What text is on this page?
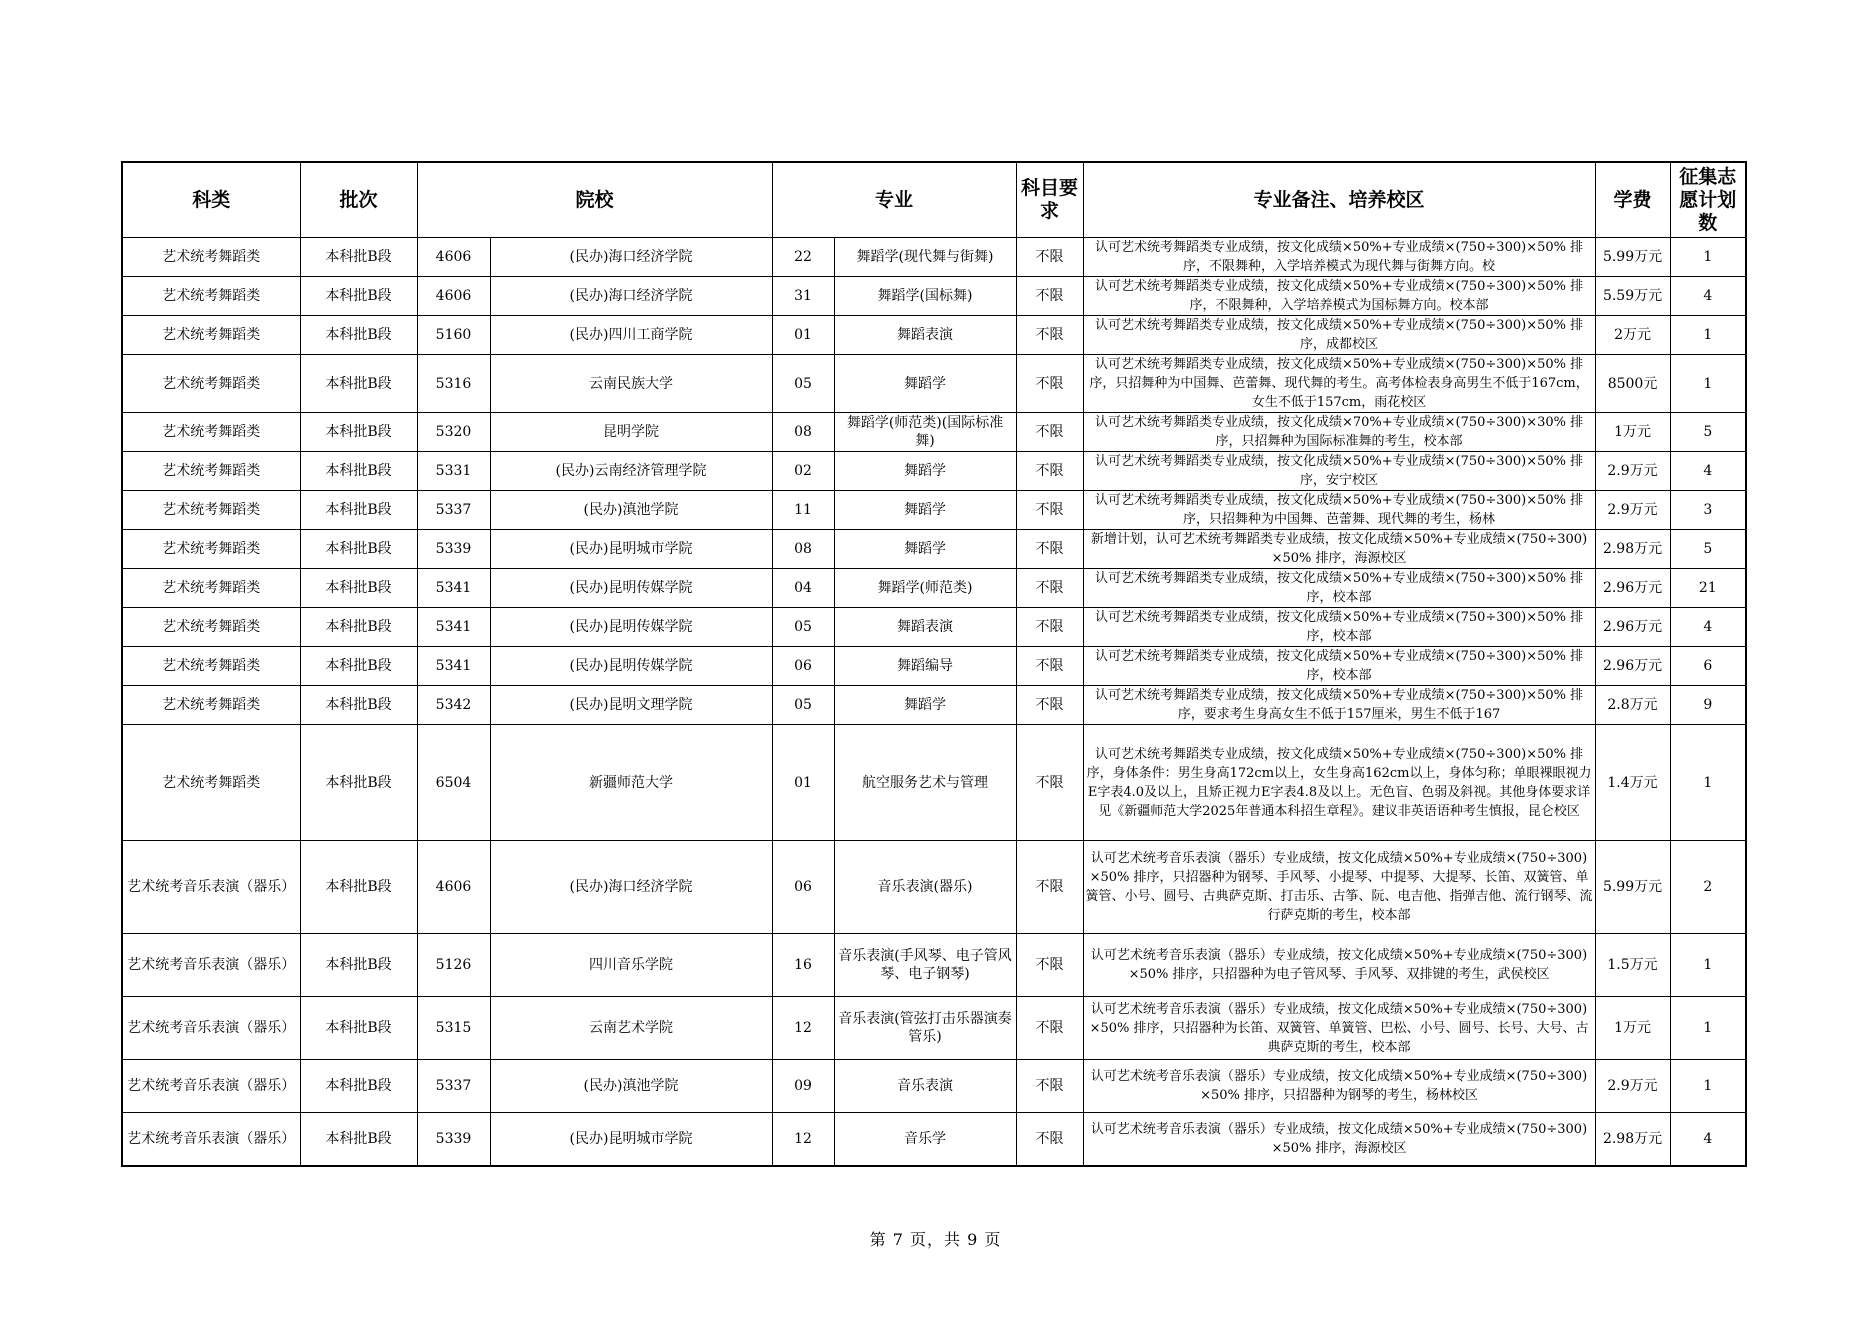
科类	批次	院校		专业		科目要求	专业备注、培养校区	学费	征集志愿计划数
艺术统考舞蹈类	本科批B段	4606	(民办)海口经济学院	22	舞蹈学(现代舞与街舞)	不限	认可艺术统考舞蹈类专业成绩，按文化成绩×50%+专业成绩×(750÷300)×50% 排序，不限舞种，入学培养模式为现代舞与街舞方向。校	5.99万元	1
艺术统考舞蹈类	本科批B段	4606	(民办)海口经济学院	31	舞蹈学(国标舞)	不限	认可艺术统考舞蹈类专业成绩，按文化成绩×50%+专业成绩×(750÷300)×50% 排序，不限舞种，入学培养模式为国标舞方向。校本部	5.59万元	4
艺术统考舞蹈类	本科批B段	5160	(民办)四川工商学院	01	舞蹈表演	不限	认可艺术统考舞蹈类专业成绩，按文化成绩×50%+专业成绩×(750÷300)×50% 排序，成都校区	2万元	1
艺术统考舞蹈类	本科批B段	5316	云南民族大学	05	舞蹈学	不限	认可艺术统考舞蹈类专业成绩，按文化成绩×50%+专业成绩×(750÷300)×50% 排序，只招舞种为中国舞、芭蕾舞、现代舞的考生。高考体检表身高男生不低于167cm，女生不低于157cm，雨花校区	8500元	1
艺术统考舞蹈类	本科批B段	5320	昆明学院	08	舞蹈学(师范类)(国际标准舞)	不限	认可艺术统考舞蹈类专业成绩，按文化成绩×70%+专业成绩×(750÷300)×30% 排序，只招舞种为国际标准舞的考生，校本部	1万元	5
艺术统考舞蹈类	本科批B段	5331	(民办)云南经济管理学院	02	舞蹈学	不限	认可艺术统考舞蹈类专业成绩，按文化成绩×50%+专业成绩×(750÷300)×50% 排序，安宁校区	2.9万元	4
艺术统考舞蹈类	本科批B段	5337	(民办)滇池学院	11	舞蹈学	不限	认可艺术统考舞蹈类专业成绩，按文化成绩×50%+专业成绩×(750÷300)×50% 排序，只招舞种为中国舞、芭蕾舞、现代舞的考生，杨林	2.9万元	3
艺术统考舞蹈类	本科批B段	5339	(民办)昆明城市学院	08	舞蹈学	不限	新增计划，认可艺术统考舞蹈类专业成绩，按文化成绩×50%+专业成绩×(750÷300)×50% 排序，海源校区	2.98万元	5
艺术统考舞蹈类	本科批B段	5341	(民办)昆明传媒学院	04	舞蹈学(师范类)	不限	认可艺术统考舞蹈类专业成绩，按文化成绩×50%+专业成绩×(750÷300)×50% 排序，校本部	2.96万元	21
艺术统考舞蹈类	本科批B段	5341	(民办)昆明传媒学院	05	舞蹈表演	不限	认可艺术统考舞蹈类专业成绩，按文化成绩×50%+专业成绩×(750÷300)×50% 排序，校本部	2.96万元	4
艺术统考舞蹈类	本科批B段	5341	(民办)昆明传媒学院	06	舞蹈编导	不限	认可艺术统考舞蹈类专业成绩，按文化成绩×50%+专业成绩×(750÷300)×50% 排序，校本部	2.96万元	6
艺术统考舞蹈类	本科批B段	5342	(民办)昆明文理学院	05	舞蹈学	不限	认可艺术统考舞蹈类专业成绩，按文化成绩×50%+专业成绩×(750÷300)×50% 排序，要求考生身高女生不低于157厘米，男生不低于167	2.8万元	9
艺术统考舞蹈类	本科批B段	6504	新疆师范大学	01	航空服务艺术与管理	不限	认可艺术统考舞蹈类专业成绩，按文化成绩×50%+专业成绩×(750÷300)×50% 排序，身体条件：男生身高172cm以上，女生身高162cm以上，身体匀称；单眼裸眼视力E字表4.0及以上，且矫正视力E字表4.8及以上。无色盲、色弱及斜视。其他身体要求详见《新疆师范大学2025年普通本科招生章程》。建议非英语语种考生慎报，昆仑校区	1.4万元	1
艺术统考音乐表演（器乐）	本科批B段	4606	(民办)海口经济学院	06	音乐表演(器乐)	不限	认可艺术统考音乐表演（器乐）专业成绩，按文化成绩×50%+专业成绩×(750÷300)×50% 排序，只招器种为钢琴、手风琴、小提琴、中提琴、大提琴、长笛、双簧管、单簧管、小号、圆号、古典萨克斯、打击乐、古筝、阮、电吉他、指弹吉他、流行钢琴、流行萨克斯的考生，校本部	5.99万元	2
艺术统考音乐表演（器乐）	本科批B段	5126	四川音乐学院	16	音乐表演(手风琴、电子管风琴、电子钢琴)	不限	认可艺术统考音乐表演（器乐）专业成绩，按文化成绩×50%+专业成绩×(750÷300)×50% 排序，只招器种为电子管风琴、手风琴、双排键的考生，武侯校区	1.5万元	1
艺术统考音乐表演（器乐）	本科批B段	5315	云南艺术学院	12	音乐表演(管弦打击乐器演奏管乐)	不限	认可艺术统考音乐表演（器乐）专业成绩，按文化成绩×50%+专业成绩×(750÷300)×50% 排序，只招器种为长笛、双簧管、单簧管、巴松、小号、圆号、长号、大号、古典萨克斯的考生，校本部	1万元	1
艺术统考音乐表演（器乐）	本科批B段	5337	(民办)滇池学院	09	音乐表演	不限	认可艺术统考音乐表演（器乐）专业成绩，按文化成绩×50%+专业成绩×(750÷300)×50% 排序，只招器种为钢琴的考生，杨林校区	2.9万元	1
艺术统考音乐表演（器乐）	本科批B段	5339	(民办)昆明城市学院	12	音乐学	不限	认可艺术统考音乐表演（器乐）专业成绩，按文化成绩×50%+专业成绩×(750÷300)×50% 排序，海源校区	2.98万元	4
第 7 页，共 9 页
